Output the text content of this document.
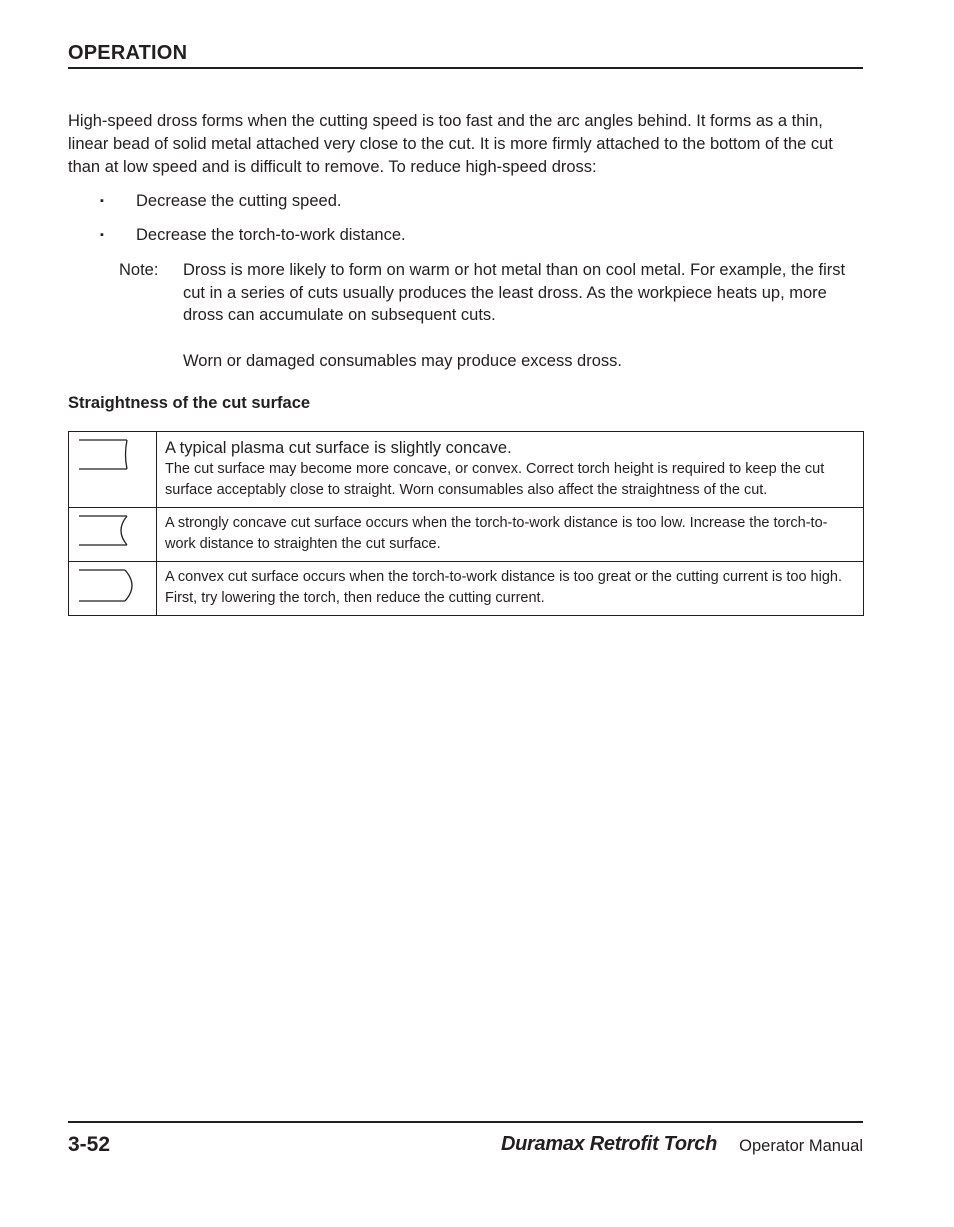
OPERATION
High-speed dross forms when the cutting speed is too fast and the arc angles behind. It forms as a thin, linear bead of solid metal attached very close to the cut. It is more firmly attached to the bottom of the cut than at low speed and is difficult to remove. To reduce high-speed dross:
▪ Decrease the cutting speed.
▪ Decrease the torch-to-work distance.
Note: Dross is more likely to form on warm or hot metal than on cool metal. For example, the first cut in a series of cuts usually produces the least dross. As the workpiece heats up, more dross can accumulate on subsequent cuts.

Worn or damaged consumables may produce excess dross.

Straightness of the cut surface

A typical plasma cut surface is slightly concave.
The cut surface may become more concave, or convex. Correct torch height is required to keep the cut surface acceptably close to straight. Worn consumables also affect the straightness of the cut.

	A strongly concave cut surface occurs when the torch-to-work distance is too low. Increase the torch-to-work distance to straighten the cut surface.

	A convex cut surface occurs when the torch-to-work distance is too great or the cutting current is too high. First, try lowering the torch, then reduce the cutting current.
3-52	Duramax Retrofit Torch Operator Manual
